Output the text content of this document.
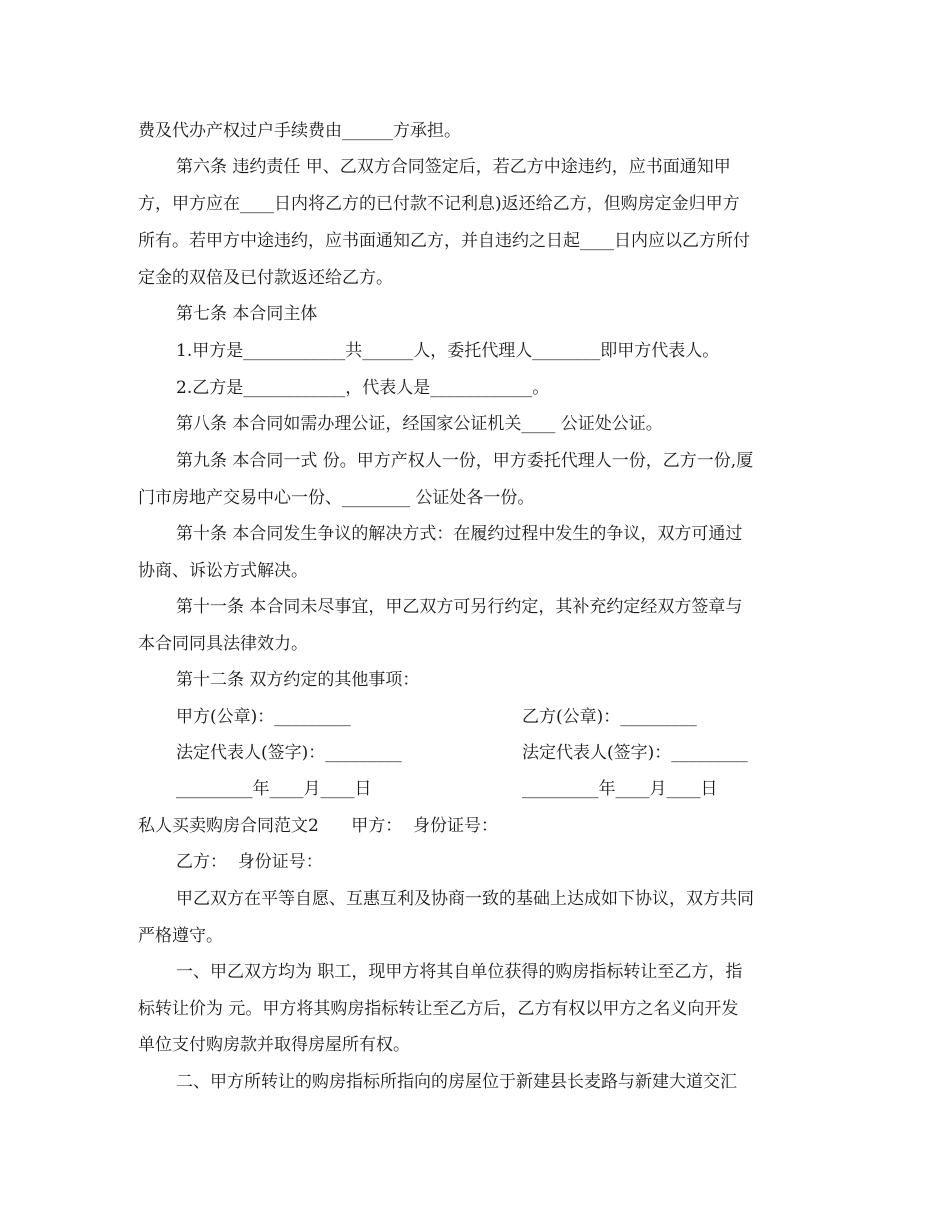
费及代办产权过户手续费由______方承担。
第六条 违约责任 甲、乙双方合同签定后，若乙方中途违约，应书面通知甲
方，甲方应在____日内将乙方的已付款不记利息)返还给乙方，但购房定金归甲方
所有。若甲方中途违约，应书面通知乙方，并自违约之日起____日内应以乙方所付
定金的双倍及已付款返还给乙方。
第七条 本合同主体
1.甲方是____________共______人，委托代理人________即甲方代表人。
2.乙方是____________，代表人是____________。
第八条 本合同如需办理公证，经国家公证机关____ 公证处公证。
第九条 本合同一式 份。甲方产权人一份，甲方委托代理人一份，乙方一份,厦
门市房地产交易中心一份、________ 公证处各一份。
第十条 本合同发生争议的解决方式：在履约过程中发生的争议，双方可通过
协商、诉讼方式解决。
第十一条 本合同未尽事宜，甲乙双方可另行约定，其补充约定经双方签章与
本合同同具法律效力。
第十二条 双方约定的其他事项：
甲方(公章)：_________	乙方(公章)：_________
法定代表人(签字)：_________	法定代表人(签字)：_________
_________年____月____日	_________年____月____日
私人买卖购房合同范文2      甲方：  身份证号：
乙方：  身份证号：
甲乙双方在平等自愿、互惠互利及协商一致的基础上达成如下协议，双方共同
严格遵守。
一、甲乙双方均为 职工，现甲方将其自单位获得的购房指标转让至乙方，指
标转让价为 元。甲方将其购房指标转让至乙方后，乙方有权以甲方之名义向开发
单位支付购房款并取得房屋所有权。
二、甲方所转让的购房指标所指向的房屋位于新建县长麦路与新建大道交汇
